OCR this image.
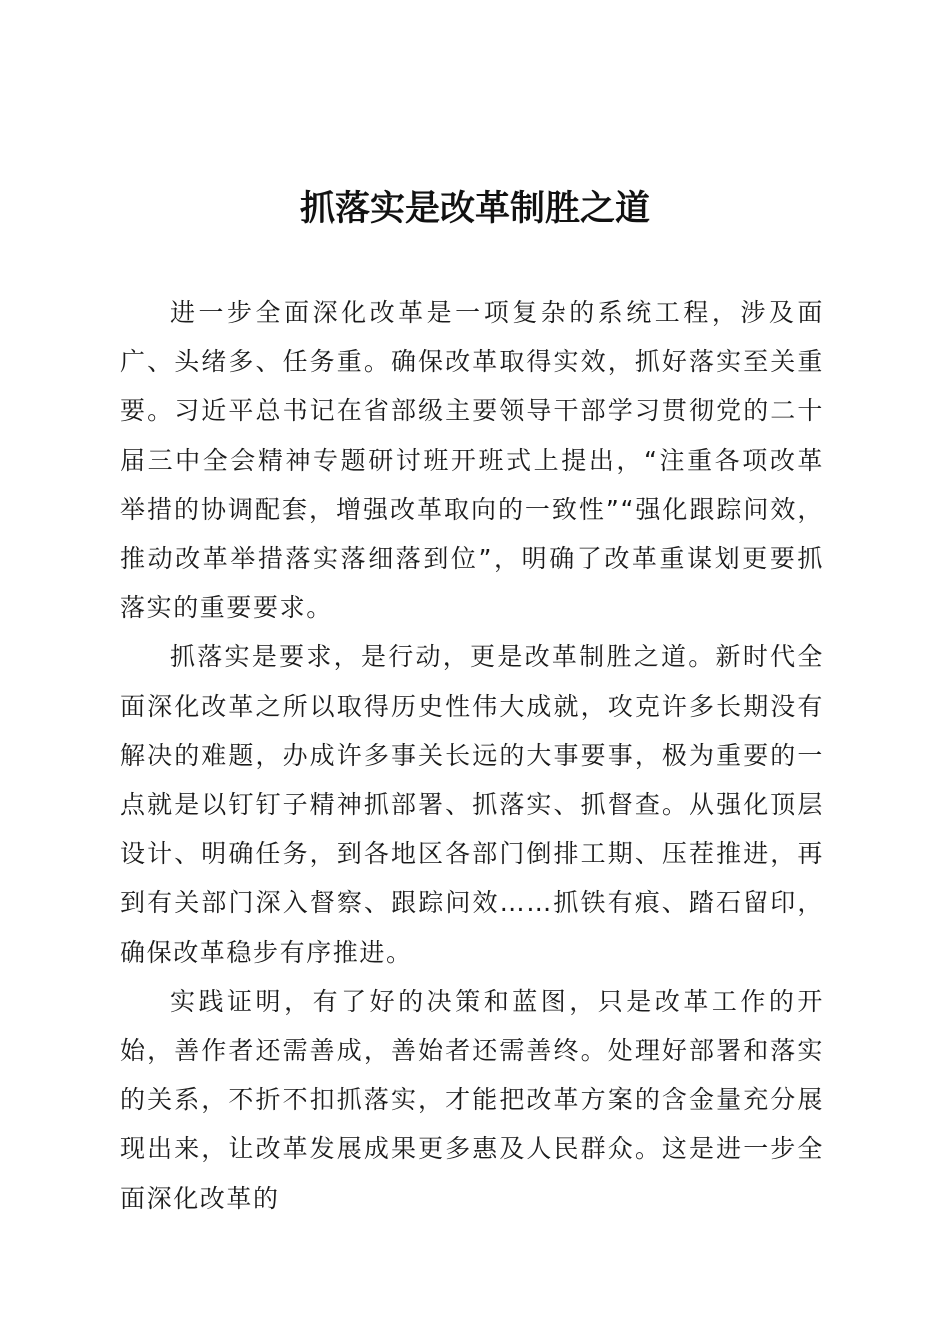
抓落实是改革制胜之道

进一步全面深化改革是一项复杂的系统工程，涉及面广、头绪多、任务重。确保改革取得实效，抓好落实至关重要。习近平总书记在省部级主要领导干部学习贯彻党的二十届三中全会精神专题研讨班开班式上提出，“注重各项改革举措的协调配套，增强改革取向的一致性”“强化跟踪问效，推动改革举措落实落细落到位”，明确了改革重谋划更要抓落实的重要要求。

抓落实是要求，是行动，更是改革制胜之道。新时代全面深化改革之所以取得历史性伟大成就，攻克许多长期没有解决的难题，办成许多事关长远的大事要事，极为重要的一点就是以钉钉子精神抓部署、抓落实、抓督查。从强化顶层设计、明确任务，到各地区各部门倒排工期、压茬推进，再到有关部门深入督察、跟踪问效……抓铁有痕、踏石留印，确保改革稳步有序推进。

实践证明，有了好的决策和蓝图，只是改革工作的开始，善作者还需善成，善始者还需善终。处理好部署和落实的关系，不折不扣抓落实，才能把改革方案的含金量充分展现出来，让改革发展成果更多惠及人民群众。这是进一步全面深化改革的
